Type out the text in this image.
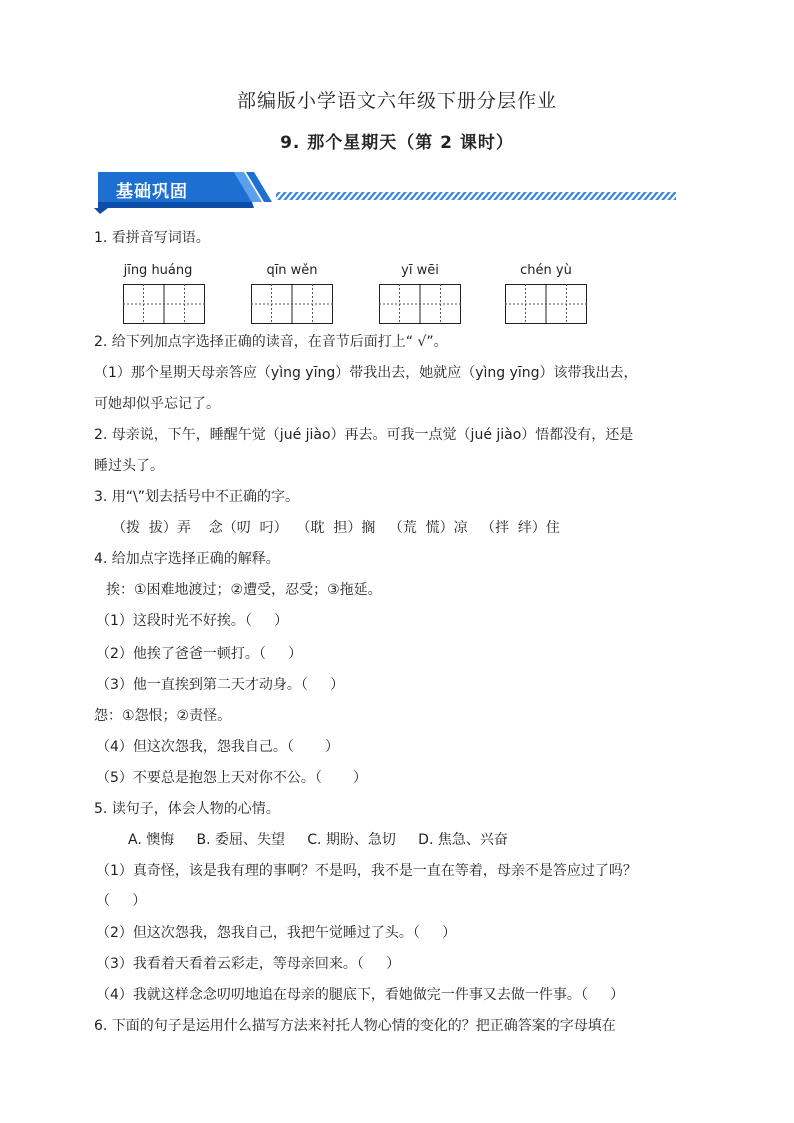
部编版小学语文六年级下册分层作业
9. 那个星期天（第 2 课时）
基础巩固
1. 看拼音写词语。
jīng huáng	qīn wěn	yī wēi	chén yù
2. 给下列加点字选择正确的读音，在音节后面打上“ √”。
（1）那个星期天母亲答应（yìng yīng）带我出去，她就应（yìng yīng）该带我出去，
可她却似乎忘记了。
2. 母亲说，下午，睡醒午觉（jué jiào）再去。可我一点觉（jué jiào）悟都没有，还是
睡过头了。
3. 用“\”划去括号中不正确的字。
（拨  拔）弄    念（叨  叼）  （耽  担）搁   （荒  慌）凉   （拌  绊）住
4. 给加点字选择正确的解释。
挨：①困难地渡过；②遭受，忍受；③拖延。
（1）这段时光不好挨。（     ）
（2）他挨了爸爸一顿打。（     ）
（3）他一直挨到第二天才动身。（     ）
怨：①怨恨；②责怪。
（4）但这次怨我，怨我自己。（       ）
（5）不要总是抱怨上天对你不公。（       ）
5. 读句子，体会人物的心情。
A. 懊悔     B. 委屈、失望     C. 期盼、急切     D. 焦急、兴奋
（1）真奇怪，该是我有理的事啊？不是吗，我不是一直在等着，母亲不是答应过了吗？
（     ）
（2）但这次怨我，怨我自己，我把午觉睡过了头。（     ）
（3）我看着天看着云彩走，等母亲回来。（     ）
（4）我就这样念念叨叨地追在母亲的腿底下，看她做完一件事又去做一件事。（     ）
6. 下面的句子是运用什么描写方法来衬托人物心情的变化的？把正确答案的字母填在
